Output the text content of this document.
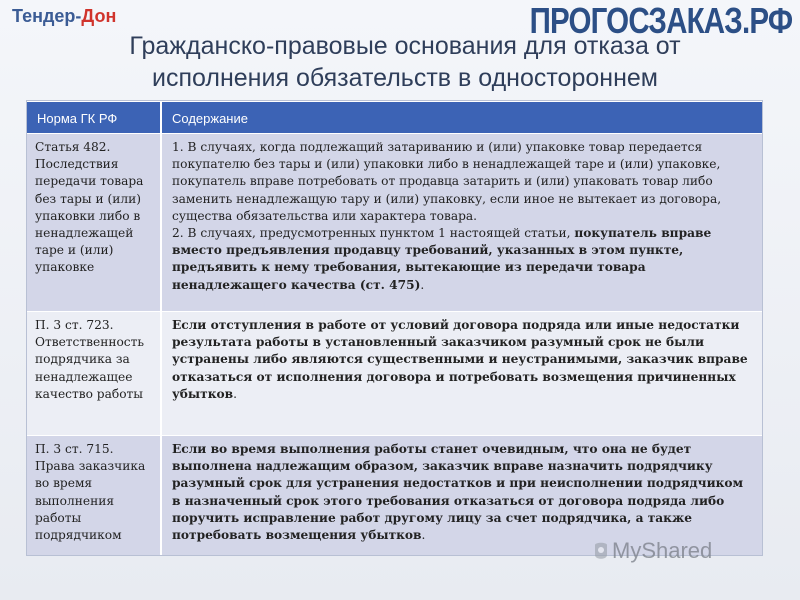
Тендер-Дон	ПРОГОСЗАКАЗ.РФ
Гражданско-правовые основания для отказа от
исполнения обязательств в одностороннем
Норма ГК РФ	Содержание
Статья 482. Последствия передачи товара без тары и (или) упаковки либо в ненадлежащей таре и (или) упаковке
1. В случаях, когда подлежащий затариванию и (или) упаковке товар передается покупателю без тары и (или) упаковки либо в ненадлежащей таре и (или) упаковке, покупатель вправе потребовать от продавца затарить и (или) упаковать товар либо заменить ненадлежащую тару и (или) упаковку, если иное не вытекает из договора, существа обязательства или характера товара.
2. В случаях, предусмотренных пунктом 1 настоящей статьи, покупатель вправе вместо предъявления продавцу требований, указанных в этом пункте, предъявить к нему требования, вытекающие из передачи товара ненадлежащего качества (ст. 475).
П. 3 ст. 723. Ответственность подрядчика за ненадлежащее качество работы
Если отступления в работе от условий договора подряда или иные недостатки результата работы в установленный заказчиком разумный срок не были устранены либо являются существенными и неустранимыми, заказчик вправе отказаться от исполнения договора и потребовать возмещения причиненных убытков.
П. 3 ст. 715. Права заказчика во время выполнения работы подрядчиком
Если во время выполнения работы станет очевидным, что она не будет выполнена надлежащим образом, заказчик вправе назначить подрядчику разумный срок для устранения недостатков и при неисполнении подрядчиком в назначенный срок этого требования отказаться от договора подряда либо поручить исправление работ другому лицу за счет подрядчика, а также потребовать возмещения убытков.
MyShared
